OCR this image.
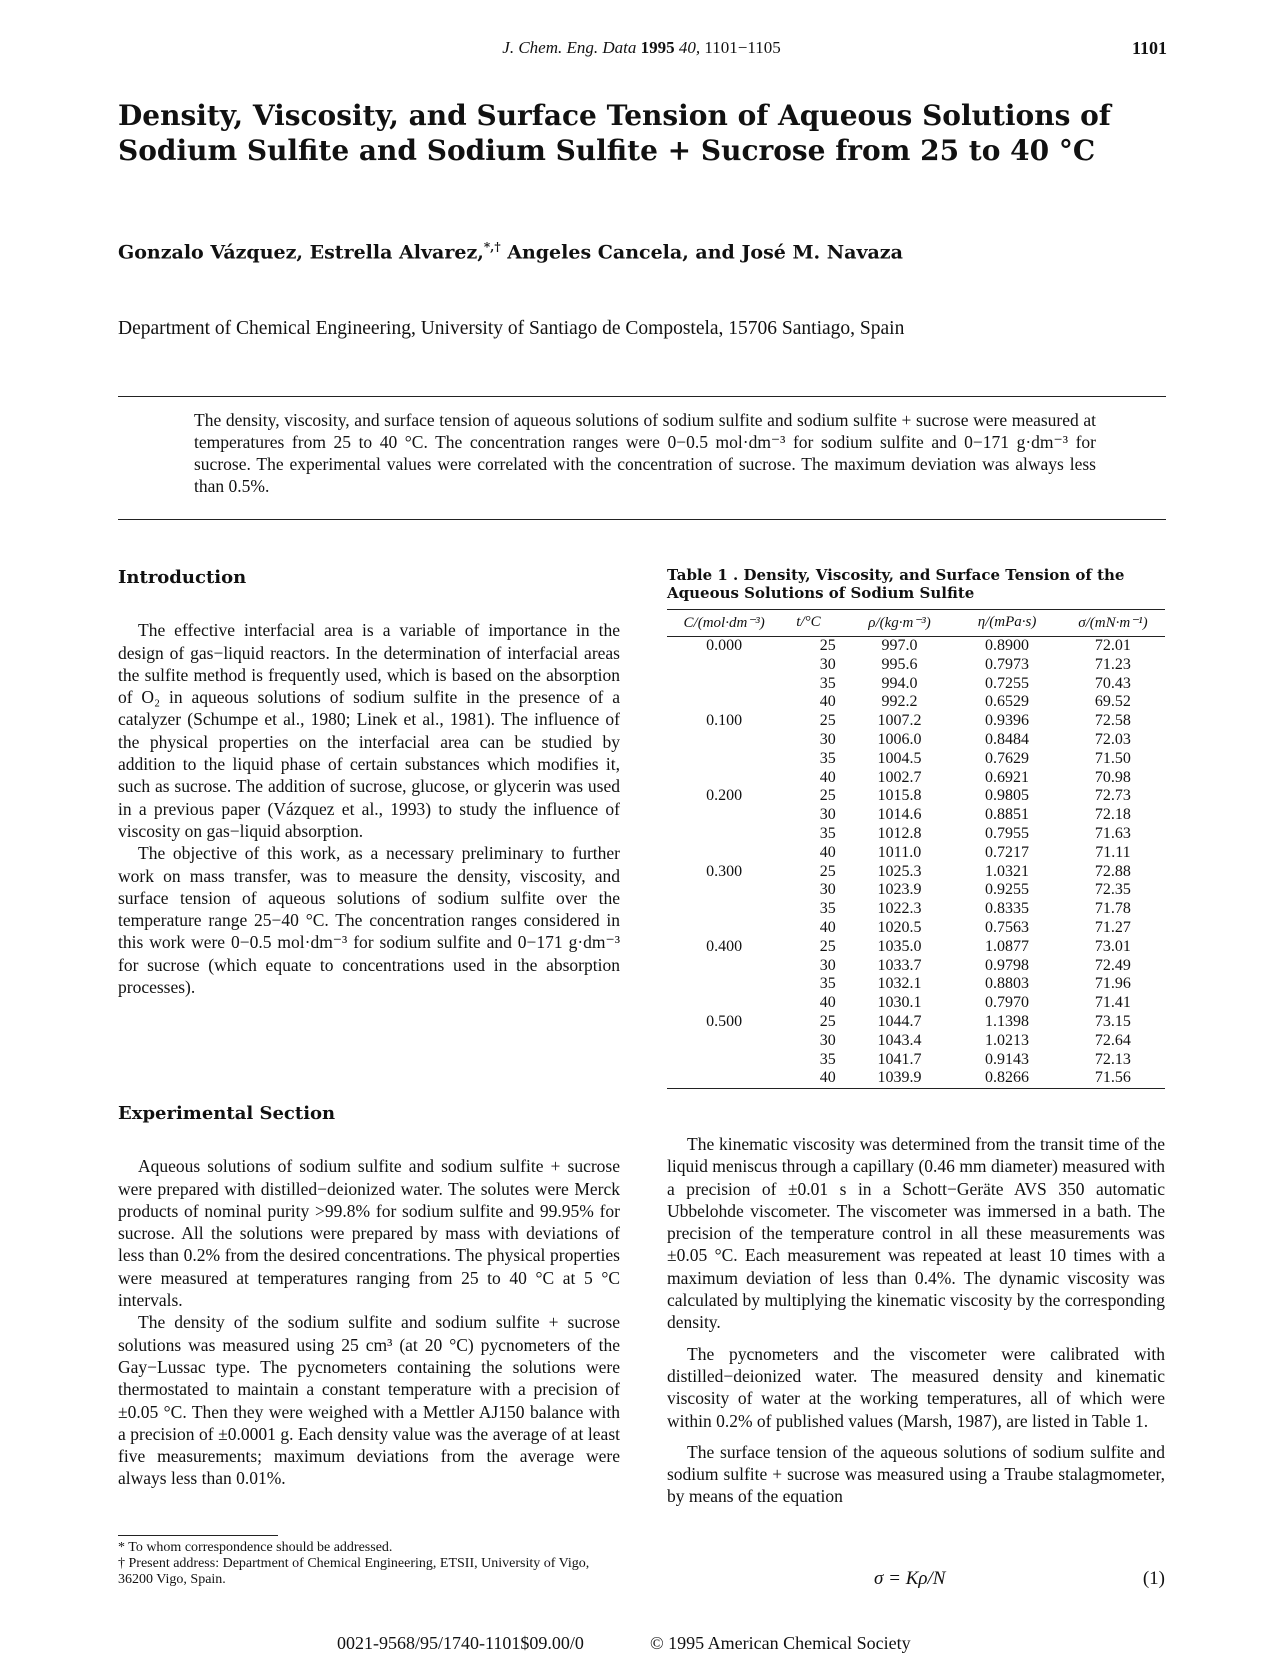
J. Chem. Eng. Data 1995 40, 1101−1105	1101
Density, Viscosity, and Surface Tension of Aqueous Solutions of
Sodium Sulfite and Sodium Sulfite + Sucrose from 25 to 40 °C
Gonzalo Vázquez, Estrella Alvarez,*,† Angeles Cancela, and José M. Navaza
Department of Chemical Engineering, University of Santiago de Compostela, 15706 Santiago, Spain
The density, viscosity, and surface tension of aqueous solutions of sodium sulfite and sodium sulfite + sucrose were measured at temperatures from 25 to 40 °C. The concentration ranges were 0−0.5 mol·dm⁻³ for sodium sulfite and 0−171 g·dm⁻³ for sucrose. The experimental values were correlated with the concentration of sucrose. The maximum deviation was always less than 0.5%.
Introduction

The effective interfacial area is a variable of importance in the design of gas−liquid reactors. In the determination of interfacial areas the sulfite method is frequently used, which is based on the absorption of O₂ in aqueous solutions of sodium sulfite in the presence of a catalyzer (Schumpe et al., 1980; Linek et al., 1981). The influence of the physical properties on the interfacial area can be studied by addition to the liquid phase of certain substances which modifies it, such as sucrose. The addition of sucrose, glucose, or glycerin was used in a previous paper (Vázquez et al., 1993) to study the influence of viscosity on gas−liquid absorption.

The objective of this work, as a necessary preliminary to further work on mass transfer, was to measure the density, viscosity, and surface tension of aqueous solutions of sodium sulfite over the temperature range 25−40 °C. The concentration ranges considered in this work were 0−0.5 mol·dm⁻³ for sodium sulfite and 0−171 g·dm⁻³ for sucrose (which equate to concentrations used in the absorption processes).

Experimental Section

Aqueous solutions of sodium sulfite and sodium sulfite + sucrose were prepared with distilled−deionized water. The solutes were Merck products of nominal purity >99.8% for sodium sulfite and 99.95% for sucrose. All the solutions were prepared by mass with deviations of less than 0.2% from the desired concentrations. The physical properties were measured at temperatures ranging from 25 to 40 °C at 5 °C intervals.

The density of the sodium sulfite and sodium sulfite + sucrose solutions was measured using 25 cm³ (at 20 °C) pycnometers of the Gay−Lussac type. The pycnometers containing the solutions were thermostated to maintain a constant temperature with a precision of ±0.05 °C. Then they were weighed with a Mettler AJ150 balance with a precision of ±0.0001 g. Each density value was the average of at least five measurements; maximum deviations from the average were always less than 0.01%.

* To whom correspondence should be addressed.
† Present address: Department of Chemical Engineering, ETSII, University of Vigo, 36200 Vigo, Spain.
Table 1 . Density, Viscosity, and Surface Tension of the Aqueous Solutions of Sodium Sulfite
C/(mol·dm⁻³)	t/°C	ρ/(kg·m⁻³)	η/(mPa·s)	σ/(mN·m⁻¹)
0.000	25	997.0	0.8900	72.01
	30	995.6	0.7973	71.23
	35	994.0	0.7255	70.43
	40	992.2	0.6529	69.52
0.100	25	1007.2	0.9396	72.58
	30	1006.0	0.8484	72.03
	35	1004.5	0.7629	71.50
	40	1002.7	0.6921	70.98
0.200	25	1015.8	0.9805	72.73
	30	1014.6	0.8851	72.18
	35	1012.8	0.7955	71.63
	40	1011.0	0.7217	71.11
0.300	25	1025.3	1.0321	72.88
	30	1023.9	0.9255	72.35
	35	1022.3	0.8335	71.78
	40	1020.5	0.7563	71.27
0.400	25	1035.0	1.0877	73.01
	30	1033.7	0.9798	72.49
	35	1032.1	0.8803	71.96
	40	1030.1	0.7970	71.41
0.500	25	1044.7	1.1398	73.15
	30	1043.4	1.0213	72.64
	35	1041.7	0.9143	72.13
	40	1039.9	0.8266	71.56

The kinematic viscosity was determined from the transit time of the liquid meniscus through a capillary (0.46 mm diameter) measured with a precision of ±0.01 s in a Schott−Geräte AVS 350 automatic Ubbelohde viscometer. The viscometer was immersed in a bath. The precision of the temperature control in all these measurements was ±0.05 °C. Each measurement was repeated at least 10 times with a maximum deviation of less than 0.4%. The dynamic viscosity was calculated by multiplying the kinematic viscosity by the corresponding density.

The pycnometers and the viscometer were calibrated with distilled−deionized water. The measured density and kinematic viscosity of water at the working temperatures, all of which were within 0.2% of published values (Marsh, 1987), are listed in Table 1.

The surface tension of the aqueous solutions of sodium sulfite and sodium sulfite + sucrose was measured using a Traube stalagmometer, by means of the equation

σ = Kρ/N	(1)
0021-9568/95/1740-1101$09.00/0	© 1995 American Chemical Society
